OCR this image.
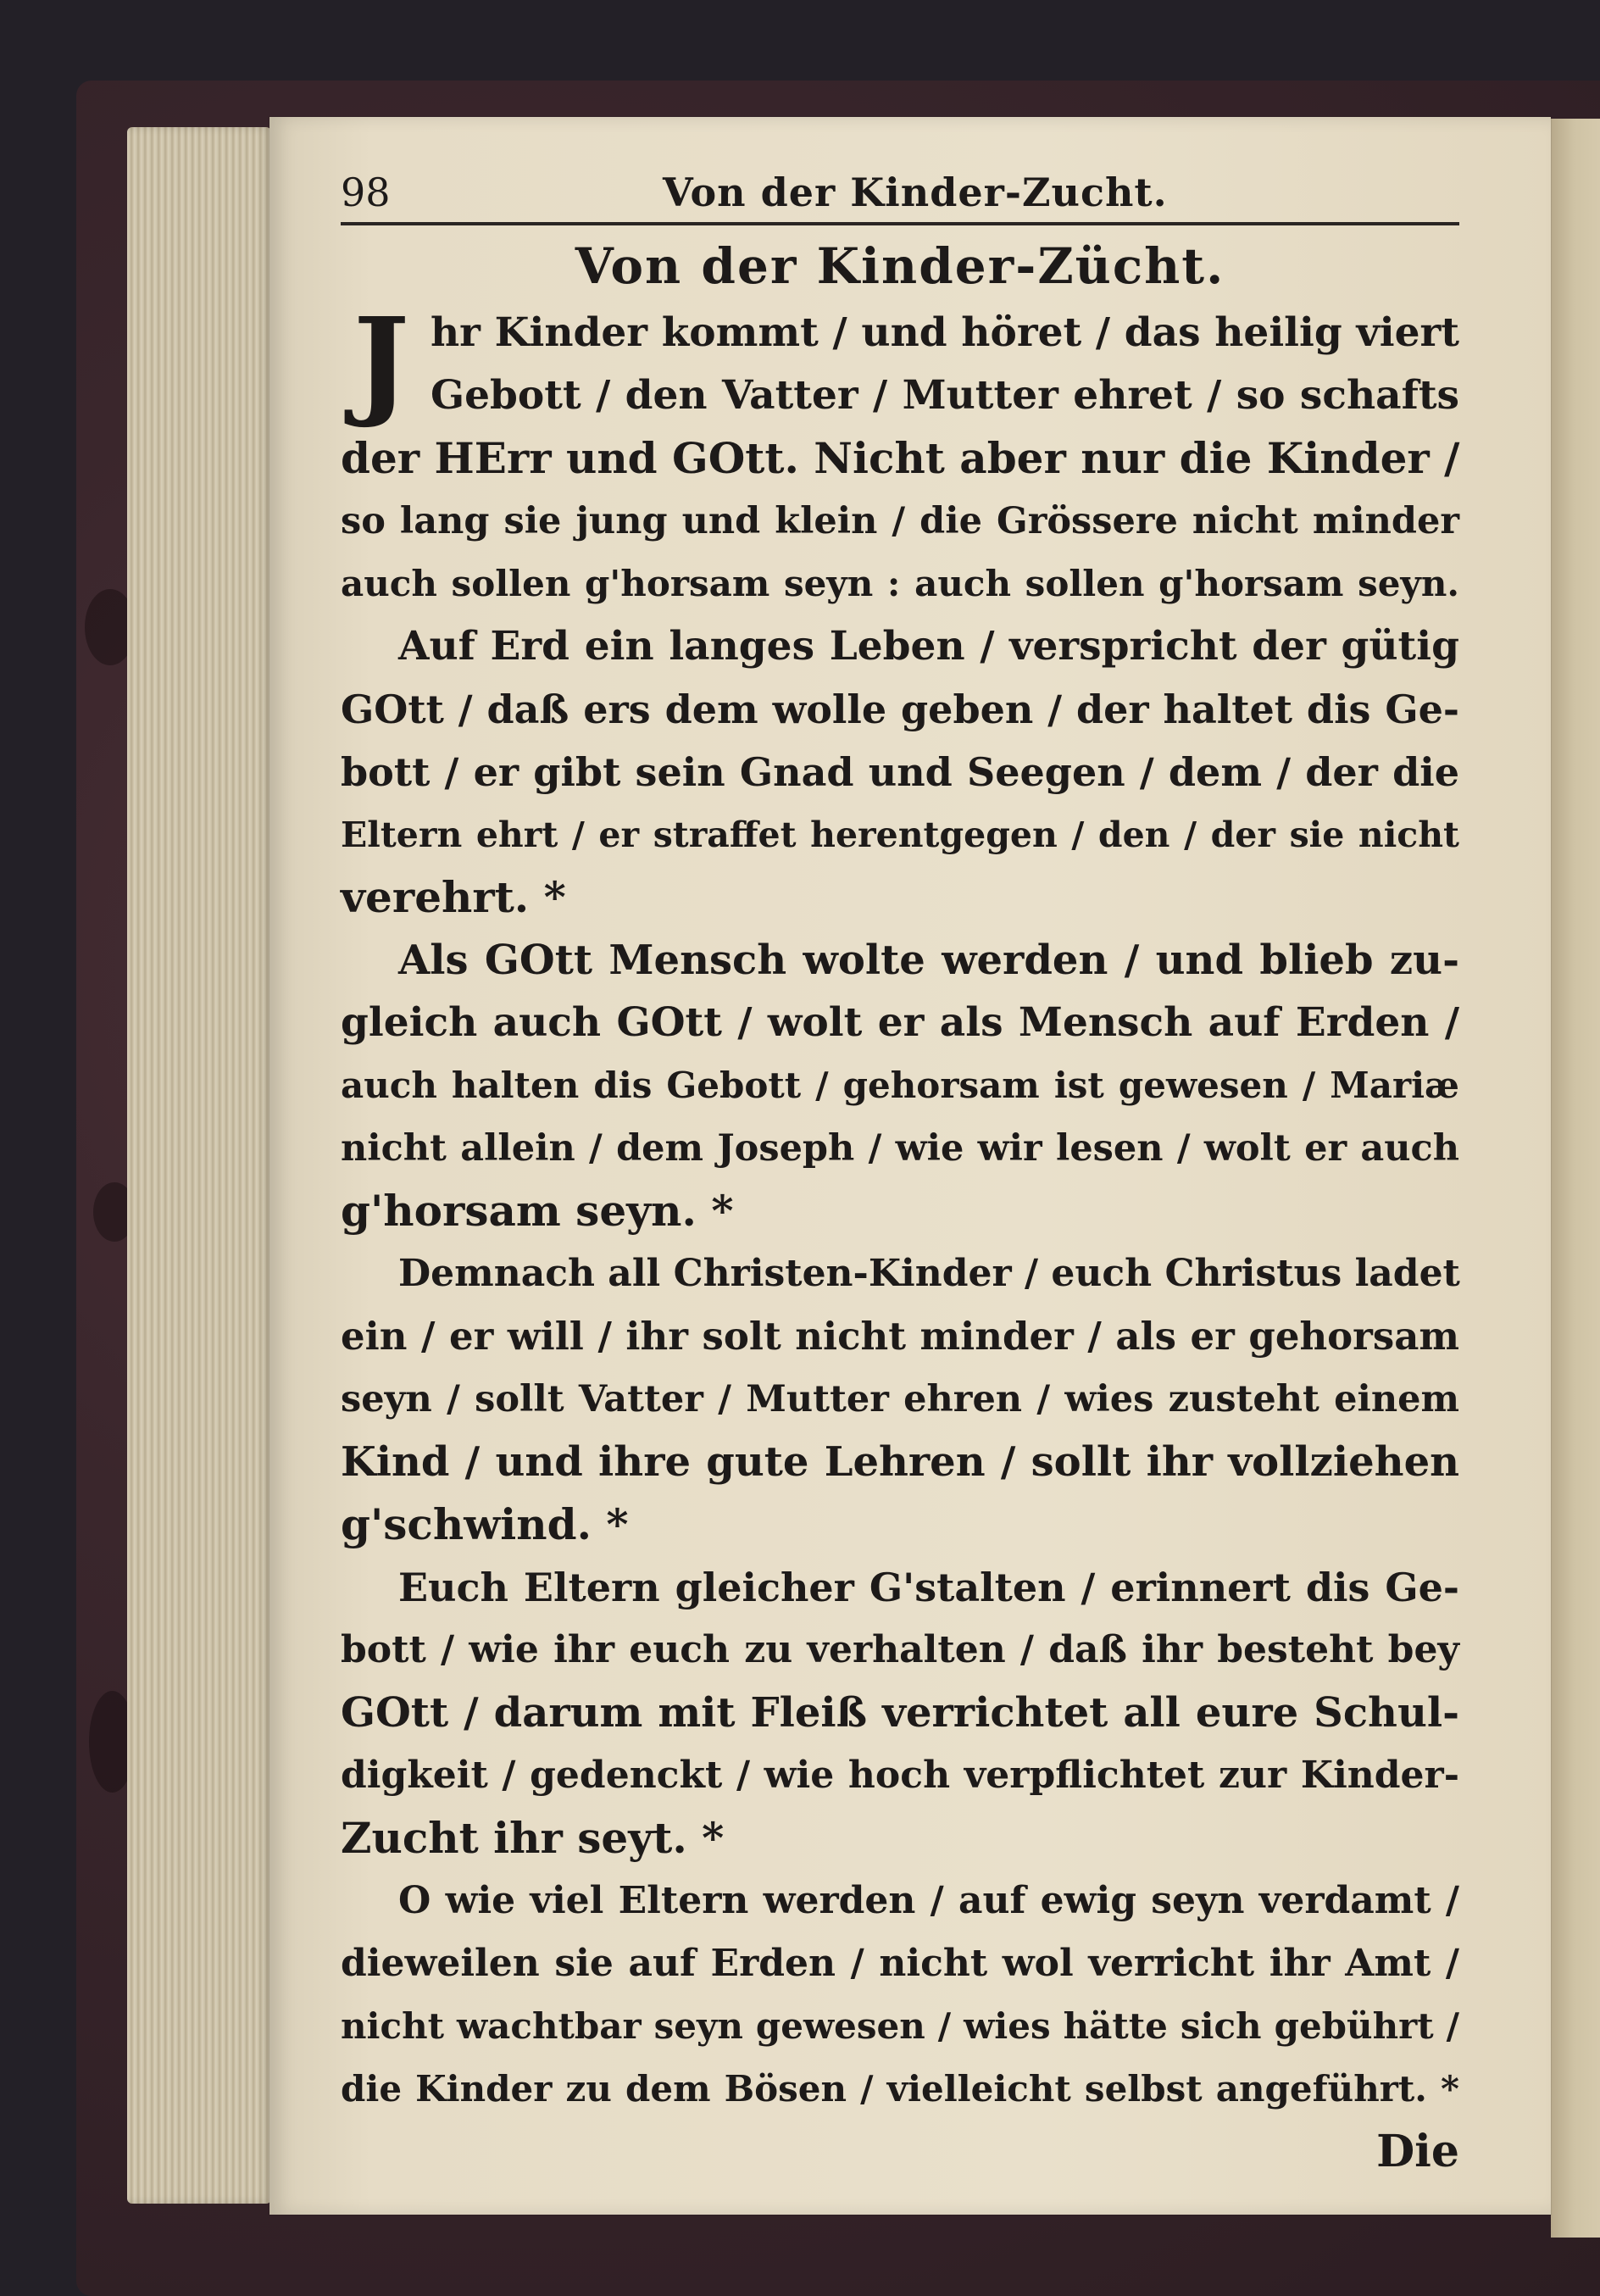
98	Von der Kinder-Zucht.
Von der Kinder-Zücht.
J hr Kinder kommt / und höret / das heilig viert
Gebott / den Vatter / Mutter ehret / so schafts
der HErr und GOtt. Nicht aber nur die Kinder /
so lang sie jung und klein / die Grössere nicht minder
auch sollen g'horsam seyn : auch sollen g'horsam seyn.
Auf Erd ein langes Leben / verspricht der gütig
GOtt / daß ers dem wolle geben / der haltet dis Ge-
bott / er gibt sein Gnad und Seegen / dem / der die
Eltern ehrt / er straffet herentgegen / den / der sie nicht
verehrt. *
Als GOtt Mensch wolte werden / und blieb zu-
gleich auch GOtt / wolt er als Mensch auf Erden /
auch halten dis Gebott / gehorsam ist gewesen / Mariæ
nicht allein / dem Joseph / wie wir lesen / wolt er auch
g'horsam seyn. *
Demnach all Christen-Kinder / euch Christus ladet
ein / er will / ihr solt nicht minder / als er gehorsam
seyn / sollt Vatter / Mutter ehren / wies zusteht einem
Kind / und ihre gute Lehren / sollt ihr vollziehen
g'schwind. *
Euch Eltern gleicher G'stalten / erinnert dis Ge-
bott / wie ihr euch zu verhalten / daß ihr besteht bey
GOtt / darum mit Fleiß verrichtet all eure Schul-
digkeit / gedenckt / wie hoch verpflichtet zur Kinder-
Zucht ihr seyt. *
O wie viel Eltern werden / auf ewig seyn verdamt /
dieweilen sie auf Erden / nicht wol verricht ihr Amt /
nicht wachtbar seyn gewesen / wies hätte sich gebührt /
die Kinder zu dem Bösen / vielleicht selbst angeführt. *
Die
